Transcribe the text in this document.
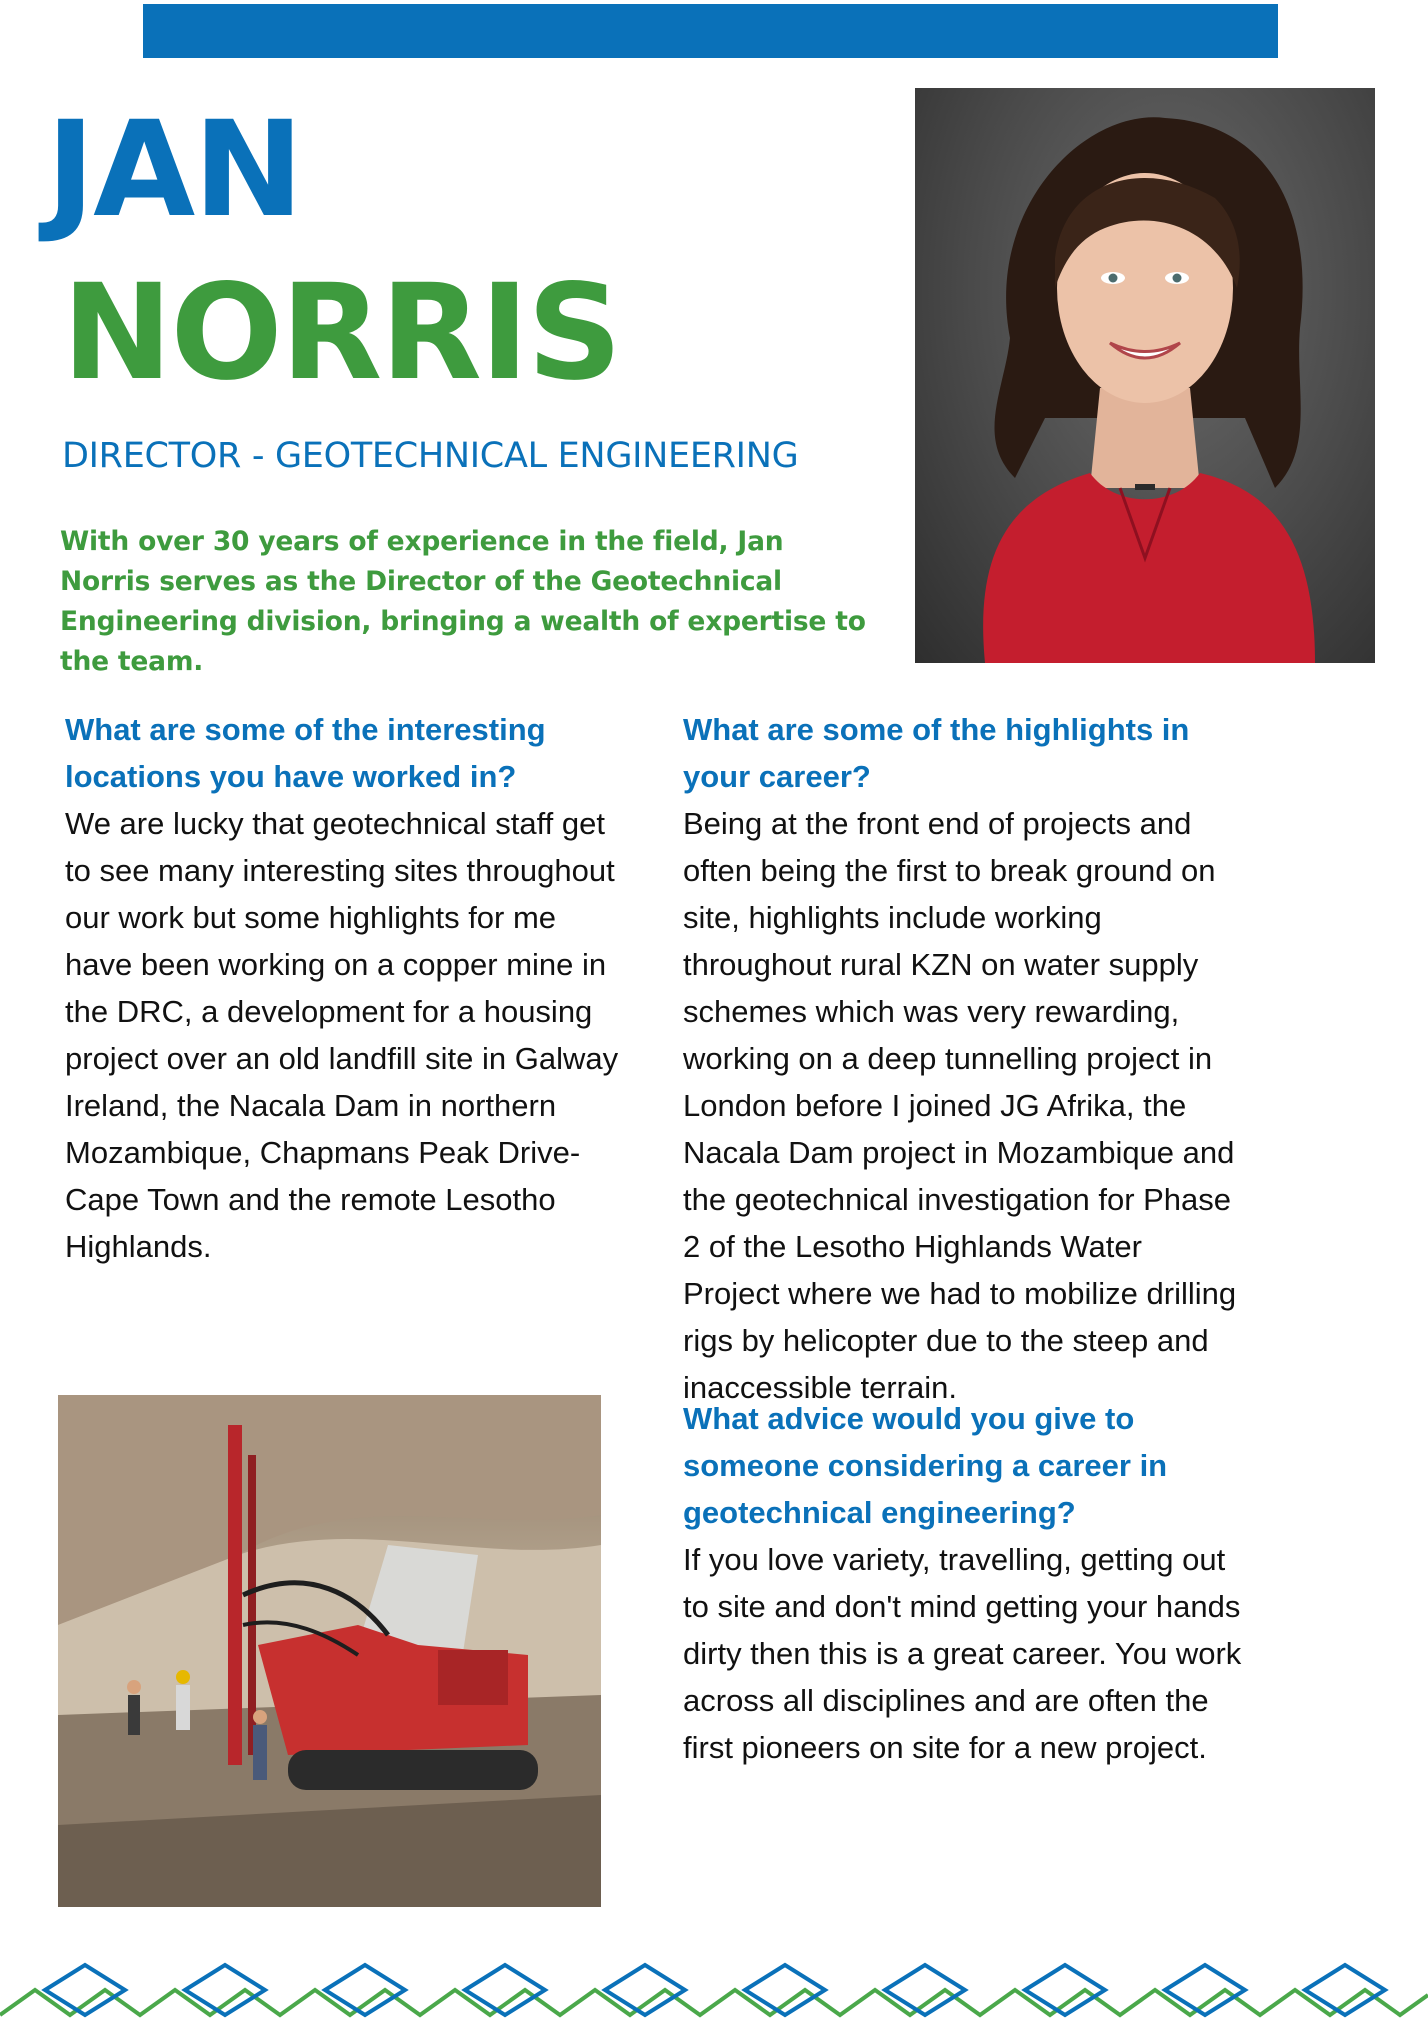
JAN
NORRIS
DIRECTOR - GEOTECHNICAL ENGINEERING

With over 30 years of experience in the field, Jan Norris serves as the Director of the Geotechnical Engineering division, bringing a wealth of expertise to the team.

What are some of the interesting locations you have worked in?

We are lucky that geotechnical staff get to see many interesting sites throughout our work but some highlights for me have been working on a copper mine in the DRC, a development for a housing project over an old landfill site in Galway Ireland, the Nacala Dam in northern Mozambique, Chapmans Peak Drive- Cape Town and the remote Lesotho Highlands.

What are some of the highlights in your career?

Being at the front end of projects and often being the first to break ground on site, highlights include working throughout rural KZN on water supply schemes which was very rewarding, working on a deep tunnelling project in London before I joined JG Afrika, the Nacala Dam project in Mozambique and the geotechnical investigation for Phase 2 of the Lesotho Highlands Water Project where we had to mobilize drilling rigs by helicopter due to the steep and inaccessible terrain.

What advice would you give to someone considering a career in geotechnical engineering?

If you love variety, travelling, getting out to site and don't mind getting your hands dirty then this is a great career. You work across all disciplines and are often the first pioneers on site for a new project.
